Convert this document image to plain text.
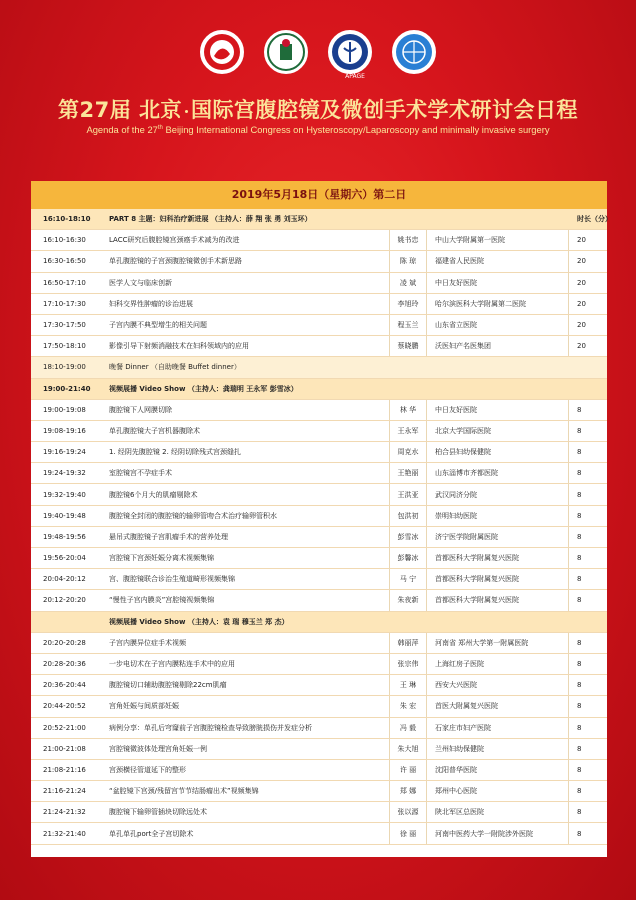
APAGE
第27届 北京 国际宫腹腔镜及微创手术学术研讨会日程
Agenda of the 27th Beijing International Congress on Hysteroscopy/Laparoscopy and minimally invasive surgery
2019年5月18日（星期六）第二日
16:10-18:10	PART 8 主题：妇科治疗新进展 （主持人：薛 翔 张 勇 刘玉环）	时长（分）
16:10-16:30	LACC研究后腹腔镜宫颈癌手术减为的改进	姚书忠	中山大学附属第一医院	20
16:30-16:50	单孔腹腔镜的子宫颈腹腔镜微创手术新思路	陈 琼	福建省人民医院	20
16:50-17:10	医学人文与临床创新	凌 斌	中日友好医院	20
17:10-17:30	妇科交界性肿瘤的诊治进展	李旭玲	哈尔滨医科大学附属第二医院	20
17:30-17:50	子宫内膜不典型增生的相关问题	程玉兰	山东省立医院	20
17:50-18:10	影像引导下射频消融技术在妇科领域内的应用	蔡晓鹏	沃医妇产名医集团	20
18:10-19:00	晚餐 Dinner （自助晚餐 Buffet dinner）
19:00-21:40	视频展播 Video Show （主持人：龚瑞明 王永军 彭雪冰）
19:00-19:08	腹腔镜下人网膜切除	林 华	中日友好医院	8
19:08-19:16	单孔腹腔镜大子宫机器腹除术	王永军	北京大学国际医院	8
19:16-19:24	1. 经阴先腹腔镜 2. 经阴切除残式宫颈缝扎	周克水	柏合县妇幼保健院	8
19:24-19:32	室腔镜宫不孕症手术	王艳丽	山东淄博市齐都医院	8
19:32-19:40	腹腔镜6个月大的肌瘤剔除术	王洪亚	武汉同济分院	8
19:40-19:48	腹腔镜全封闭的腹腔镜的输卵管吻合术治疗输卵管积水	包洪初	崇明妇幼医院	8
19:48-19:56	悬吊式腹腔镜子宫肌瘤手术的营养处理	彭雪冰	济宁医学院附属医院	8
19:56-20:04	宫腔镜下宫颈妊娠分离术视频集锦	彭馨冰	首都医科大学附属复兴医院	8
20:04-20:12	宫、腹腔镜联合诊治生殖道畸形视频集锦	马 宁	首都医科大学附属复兴医院	8
20:12-20:20	“慢性子宫内膜炎”宫腔镜视频集锦	朱夜新	首都医科大学附属复兴医院	8
视频展播 Video Show （主持人：袁 瑞 穆玉兰 郑 杰）
20:20-20:28	子宫内膜异位症手术视频	韩丽萍	河南省 郑州大学第一附属医院	8
20:28-20:36	一步电切术在子宫内膜粘连手术中的应用	张宗伟	上海红房子医院	8
20:36-20:44	腹腔镜切口辅助腹腔镜剔除22cm肌瘤	王 琳	西安大兴医院	8
20:44-20:52	宫角妊娠与间质部妊娠	朱 宏	首医大附属复兴医院	8
20:52-21:00	病例分享：单孔后穹窿前子宫腹腔镜检查导致膀胱损伤并发症分析	冯 毅	石家庄市妇产医院	8
21:00-21:08	宫腔镜微波体处理宫角妊娠一例	朱大旭	兰州妇幼保健院	8
21:08-21:16	宫颈横径管道延下的整形	许 丽	沈阳普华医院	8
21:16-21:24	“盆腔镜下宫颈/残留宫节节结肠瘤出术”视频集锦	郑 娜	郑州中心医院	8
21:24-21:32	腹腔镜下输卵管插块切除远处术	张以源	陕北军区总医院	8
21:32-21:40	单孔单孔port全子宫切除术	徐 丽	河南中医药大学一附院涉外医院	8
